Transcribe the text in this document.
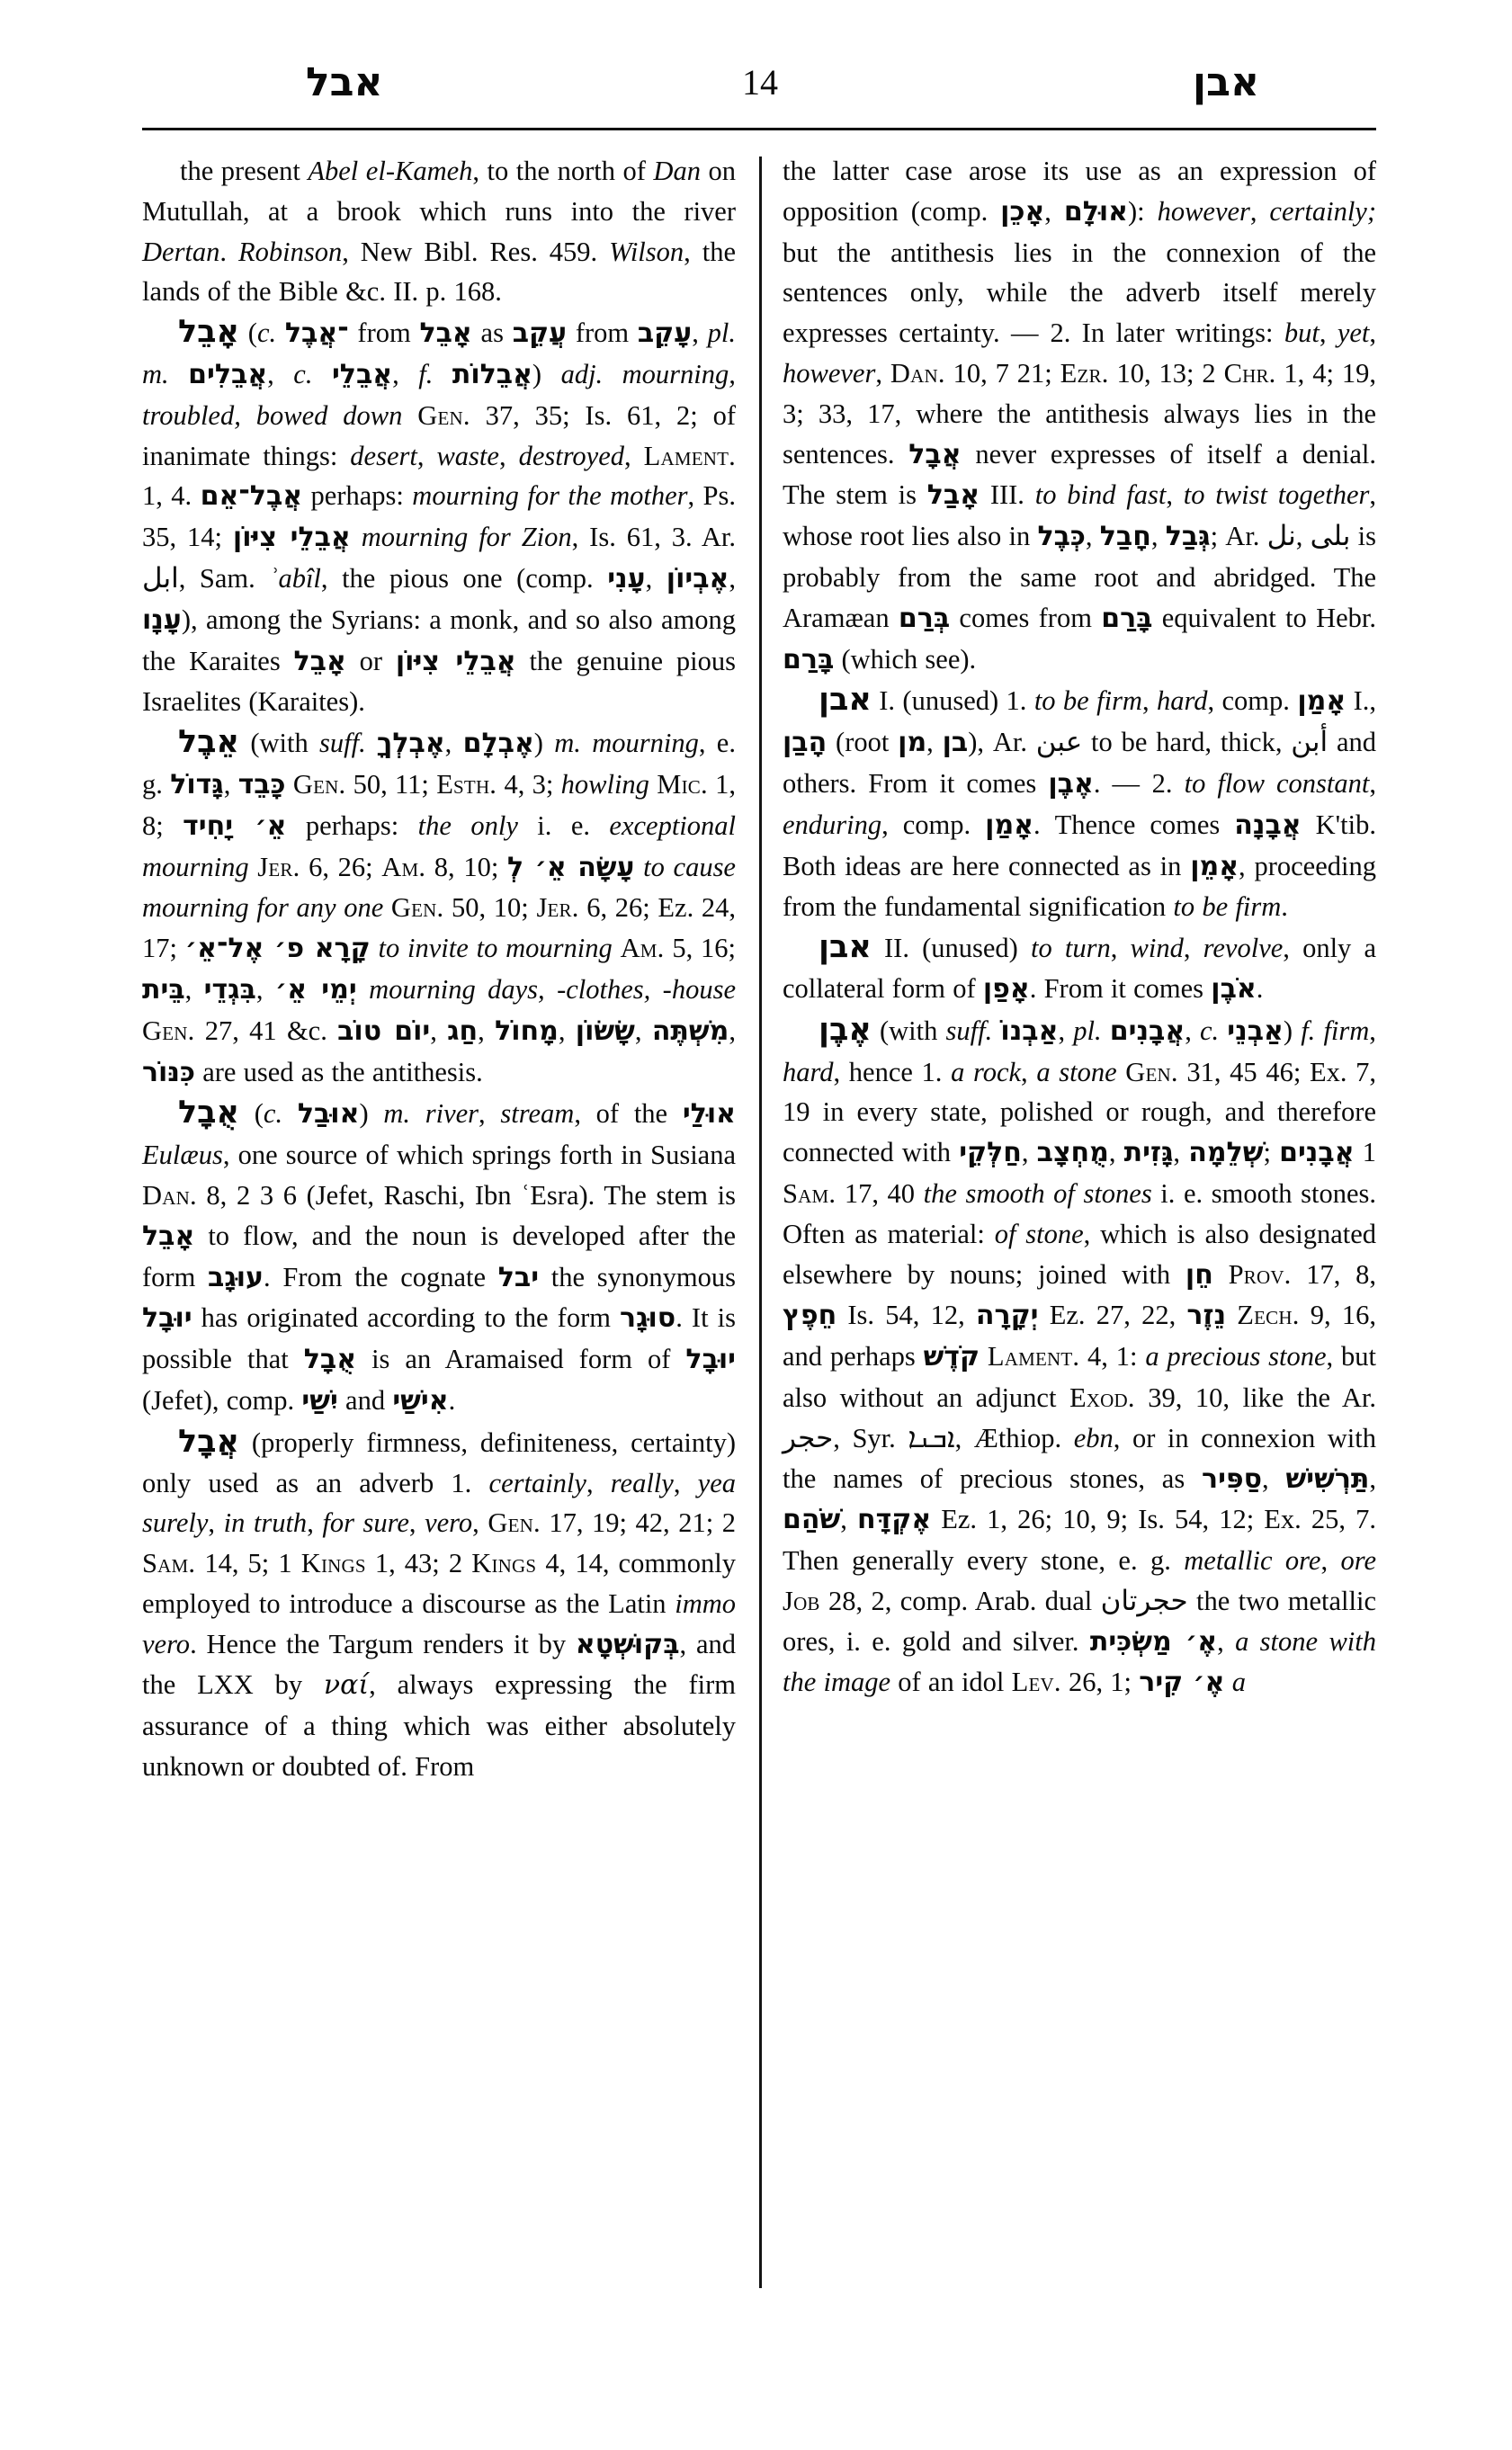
אבל	14	אבן

the present Abel el-Kameh, to the north of Dan on Mutullah, at a brook which runs into the river Dertan. Robinson, New Bibl. Res. 459. Wilson, the lands of the Bible &c. II. p. 168.

אָבֵל (c. ־אֲבֶל from אָבֵל as עֲקֵב from עָקֵב, pl. m. אֲבֵלִים, c. אֲבֵלֵי, f. אֲבֵלוֹת) adj. mourning, troubled, bowed down Gen. 37, 35; Is. 61, 2; of inanimate things: desert, waste, destroyed, Lament. 1, 4. אֲבֶל־אֵם perhaps: mourning for the mother, Ps. 35, 14; אֲבֵלֵי צִיּוֹן mourning for Zion, Is. 61, 3. Ar. ابل, Sam. ʾabîl, the pious one (comp. עָנִי, אֶבְיוֹן, עָנָו), among the Syrians: a monk, and so also among the Karaites אָבֵל or אֲבֵלֵי צִיּוֹן the genuine pious Israelites (Karaites).

אֵבֶל (with suff. אֶבְלְךָ, אֶבְלָם) m. mourning, e. g. גָּדוֹל, כָּבֵד Gen. 50, 11; Esth. 4, 3; howling Mic. 1, 8; אֵ׳ יָחִיד perhaps: the only i. e. exceptional mourning Jer. 6, 26; Am. 8, 10; עָשָׂה אֵ׳ לְ to cause mourning for any one Gen. 50, 10; Jer. 6, 26; Ez. 24, 17; קָרָא פ׳ אֶל־אֵ׳ to invite to mourning Am. 5, 16; בֵּית, בִּגְדֵי, יְמֵי אֵ׳ mourning days, -clothes, -house Gen. 27, 41 &c. יוֹם טוֹב, חַג, מָחוֹל, שָׂשׂוֹן, מִשְׁתֶּה, כִּנּוֹר are used as the antithesis.

אֻבָל (c. אוּבַל) m. river, stream, of the אוּלַי Eulæus, one source of which springs forth in Susiana Dan. 8, 2 3 6 (Jefet, Raschi, Ibn ʿEsra). The stem is אָבֵל to flow, and the noun is developed after the form עוּגָב. From the cognate יבל the synonymous יוּבָל has originated according to the form סוּגָר. It is possible that אֻבָל is an Aramaised form of יוּבָל (Jefet), comp. יִשַׁי and אִישַׁי.

אֲבָל (properly firmness, definiteness, certainty) only used as an adverb 1. certainly, really, yea surely, in truth, for sure, vero, Gen. 17, 19; 42, 21; 2 Sam. 14, 5; 1 Kings 1, 43; 2 Kings 4, 14, commonly employed to introduce a discourse as the Latin immo vero. Hence the Targum renders it by בְּקוּשְׁטָא, and the LXX by ναί, always expressing the firm assurance of a thing which was either absolutely unknown or doubted of. From

the latter case arose its use as an expression of opposition (comp. אָכֵן, אוּלָם): however, certainly; but the antithesis lies in the connexion of the sentences only, while the adverb itself merely expresses certainty. — 2. In later writings: but, yet, however, Dan. 10, 7 21; Ezr. 10, 13; 2 Chr. 1, 4; 19, 3; 33, 17, where the antithesis always lies in the sentences. אֲבָל never expresses of itself a denial. The stem is אָבַל III. to bind fast, to twist together, whose root lies also in כְּבֶל, חָבַל, גְּבַל; Ar. نل, بلى is probably from the same root and abridged. The Aramæan בְּרַם comes from בָּרַם equivalent to Hebr. בָּרַם (which see).

אבן I. (unused) 1. to be firm, hard, comp. אָמַן I., הָבַן (root מן, בן), Ar. عبن to be hard, thick, أبن and others. From it comes אֶבֶן. — 2. to flow constant, enduring, comp. אָמַן. Thence comes אֲבָנָה K'tib. Both ideas are here connected as in אָמֵן, proceeding from the fundamental signification to be firm.

אבן II. (unused) to turn, wind, revolve, only a collateral form of אָפַן. From it comes אֹבֶן.

אֶבֶן (with suff. אַבְנוֹ, pl. אֲבָנִים, c. אַבְנֵי) f. firm, hard, hence 1. a rock, a stone Gen. 31, 45 46; Ex. 7, 19 in every state, polished or rough, and therefore connected with חַלְּקֵי, מֻחְצָב, גָּזִית, שְׁלֵמָה; אֲבָנִים 1 Sam. 17, 40 the smooth of stones i. e. smooth stones. Often as material: of stone, which is also designated elsewhere by nouns; joined with חֵן Prov. 17, 8, חֵפֶץ Is. 54, 12, יְקָרָה Ez. 27, 22, נֵזֶר Zech. 9, 16, and perhaps קֹדֶשׁ Lament. 4, 1: a precious stone, but also without an adjunct Exod. 39, 10, like the Ar. حجر, Syr. ܐܒܢܐ, Æthiop. ebn, or in connexion with the names of precious stones, as סַפִּיר, תַּרְשִׁישׁ, שֹׁהַם, אֶקְדָּח Ez. 1, 26; 10, 9; Is. 54, 12; Ex. 25, 7. Then generally every stone, e. g. metallic ore, ore Job 28, 2, comp. Arab. dual حجرتان the two metallic ores, i. e. gold and silver. אֶ׳ מַשְׂכִּית, a stone with the image of an idol Lev. 26, 1; אֶ׳ קִיר a
